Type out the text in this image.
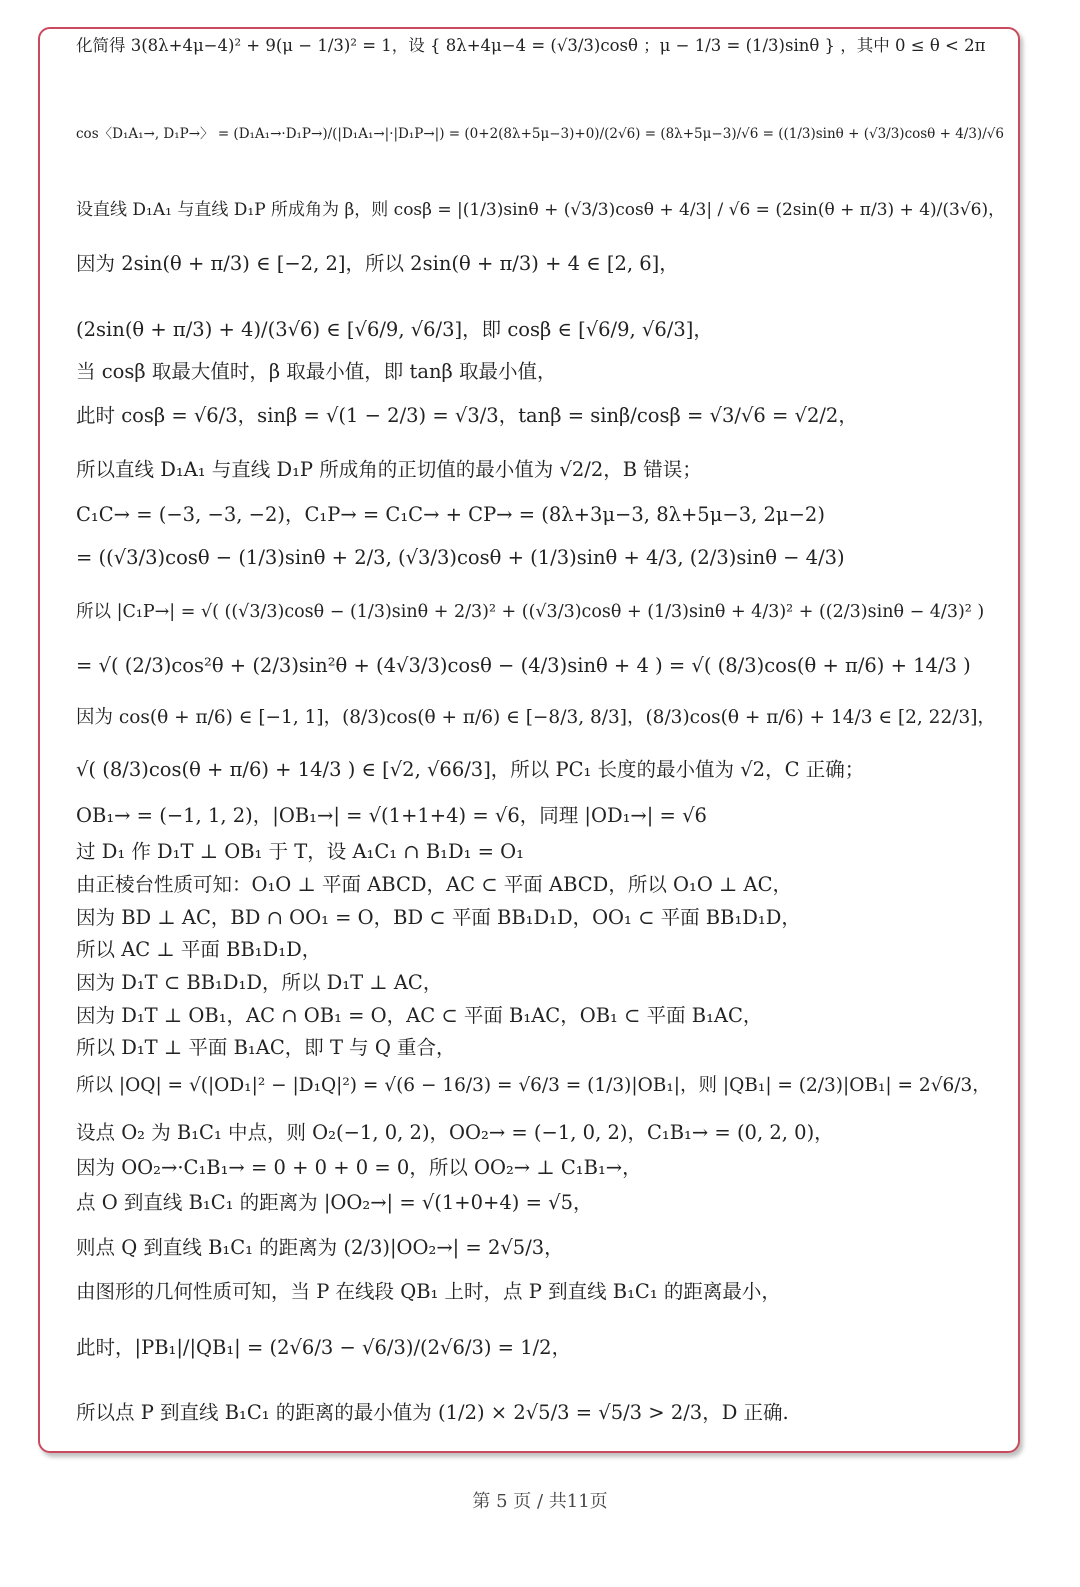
化简得 3(8λ+4μ−4)² + 9(μ − 1/3)² = 1，设 { 8λ+4μ−4 = (√3/3)cosθ ；μ − 1/3 = (1/3)sinθ } ，其中 0 ≤ θ < 2π
cos〈D₁A₁→, D₁P→〉 = (D₁A₁→·D₁P→)/(|D₁A₁→|·|D₁P→|) = (0+2(8λ+5μ−3)+0)/(2√6) = (8λ+5μ−3)/√6 = ((1/3)sinθ + (√3/3)cosθ + 4/3)/√6
设直线 D₁A₁ 与直线 D₁P 所成角为 β，则 cosβ = |(1/3)sinθ + (√3/3)cosθ + 4/3| / √6 = (2sin(θ + π/3) + 4)/(3√6)，
因为 2sin(θ + π/3) ∈ [−2, 2]，所以 2sin(θ + π/3) + 4 ∈ [2, 6]，
(2sin(θ + π/3) + 4)/(3√6) ∈ [√6/9, √6/3]，即 cosβ ∈ [√6/9, √6/3]，
当 cosβ 取最大值时，β 取最小值，即 tanβ 取最小值，
此时 cosβ = √6/3，sinβ = √(1 − 2/3) = √3/3，tanβ = sinβ/cosβ = √3/√6 = √2/2，
所以直线 D₁A₁ 与直线 D₁P 所成角的正切值的最小值为 √2/2，B 错误；
C₁C→ = (−3, −3, −2)，C₁P→ = C₁C→ + CP→ = (8λ+3μ−3, 8λ+5μ−3, 2μ−2)
= ((√3/3)cosθ − (1/3)sinθ + 2/3, (√3/3)cosθ + (1/3)sinθ + 4/3, (2/3)sinθ − 4/3)
所以 |C₁P→| = √( ((√3/3)cosθ − (1/3)sinθ + 2/3)² + ((√3/3)cosθ + (1/3)sinθ + 4/3)² + ((2/3)sinθ − 4/3)² )
= √( (2/3)cos²θ + (2/3)sin²θ + (4√3/3)cosθ − (4/3)sinθ + 4 ) = √( (8/3)cos(θ + π/6) + 14/3 )
因为 cos(θ + π/6) ∈ [−1, 1]，(8/3)cos(θ + π/6) ∈ [−8/3, 8/3]，(8/3)cos(θ + π/6) + 14/3 ∈ [2, 22/3]，
√( (8/3)cos(θ + π/6) + 14/3 ) ∈ [√2, √66/3]，所以 PC₁ 长度的最小值为 √2，C 正确；
OB₁→ = (−1, 1, 2)，|OB₁→| = √(1+1+4) = √6，同理 |OD₁→| = √6
过 D₁ 作 D₁T ⊥ OB₁ 于 T，设 A₁C₁ ∩ B₁D₁ = O₁
由正棱台性质可知：O₁O ⊥ 平面 ABCD，AC ⊂ 平面 ABCD，所以 O₁O ⊥ AC，
因为 BD ⊥ AC，BD ∩ OO₁ = O，BD ⊂ 平面 BB₁D₁D，OO₁ ⊂ 平面 BB₁D₁D，
所以 AC ⊥ 平面 BB₁D₁D，
因为 D₁T ⊂ BB₁D₁D，所以 D₁T ⊥ AC，
因为 D₁T ⊥ OB₁，AC ∩ OB₁ = O，AC ⊂ 平面 B₁AC，OB₁ ⊂ 平面 B₁AC，
所以 D₁T ⊥ 平面 B₁AC，即 T 与 Q 重合，
所以 |OQ| = √(|OD₁|² − |D₁Q|²) = √(6 − 16/3) = √6/3 = (1/3)|OB₁|，则 |QB₁| = (2/3)|OB₁| = 2√6/3，
设点 O₂ 为 B₁C₁ 中点，则 O₂(−1, 0, 2)，OO₂→ = (−1, 0, 2)，C₁B₁→ = (0, 2, 0)，
因为 OO₂→·C₁B₁→ = 0 + 0 + 0 = 0，所以 OO₂→ ⊥ C₁B₁→，
点 O 到直线 B₁C₁ 的距离为 |OO₂→| = √(1+0+4) = √5，
则点 Q 到直线 B₁C₁ 的距离为 (2/3)|OO₂→| = 2√5/3，
由图形的几何性质可知，当 P 在线段 QB₁ 上时，点 P 到直线 B₁C₁ 的距离最小，
此时，|PB₁|/|QB₁| = (2√6/3 − √6/3)/(2√6/3) = 1/2，
所以点 P 到直线 B₁C₁ 的距离的最小值为 (1/2) × 2√5/3 = √5/3 > 2/3，D 正确.
第 5 页 / 共11页
